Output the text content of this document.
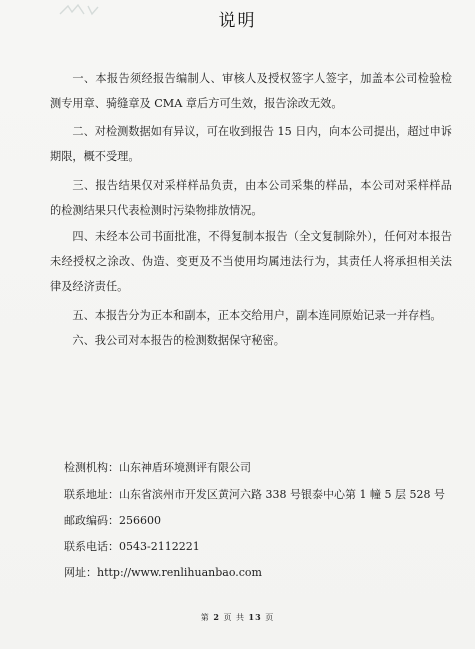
说明
一、本报告须经报告编制人、审核人及授权签字人签字，加盖本公司检验检测专用章、骑缝章及 CMA 章后方可生效，报告涂改无效。
二、对检测数据如有异议，可在收到报告 15 日内，向本公司提出，超过申诉期限，概不受理。
三、报告结果仅对采样样品负责，由本公司采集的样品，本公司对采样样品的检测结果只代表检测时污染物排放情况。
四、未经本公司书面批准，不得复制本报告（全文复制除外），任何对本报告未经授权之涂改、伪造、变更及不当使用均属违法行为，其责任人将承担相关法律及经济责任。
五、本报告分为正本和副本，正本交给用户，副本连同原始记录一并存档。
六、我公司对本报告的检测数据保守秘密。
检测机构：山东神盾环境测评有限公司
联系地址：山东省滨州市开发区黄河六路 338 号银泰中心第 1 幢 5 层 528 号
邮政编码：256600
联系电话：0543-2112221
网址：http://www.renlihuanbao.com
第 2 页 共 13 页
